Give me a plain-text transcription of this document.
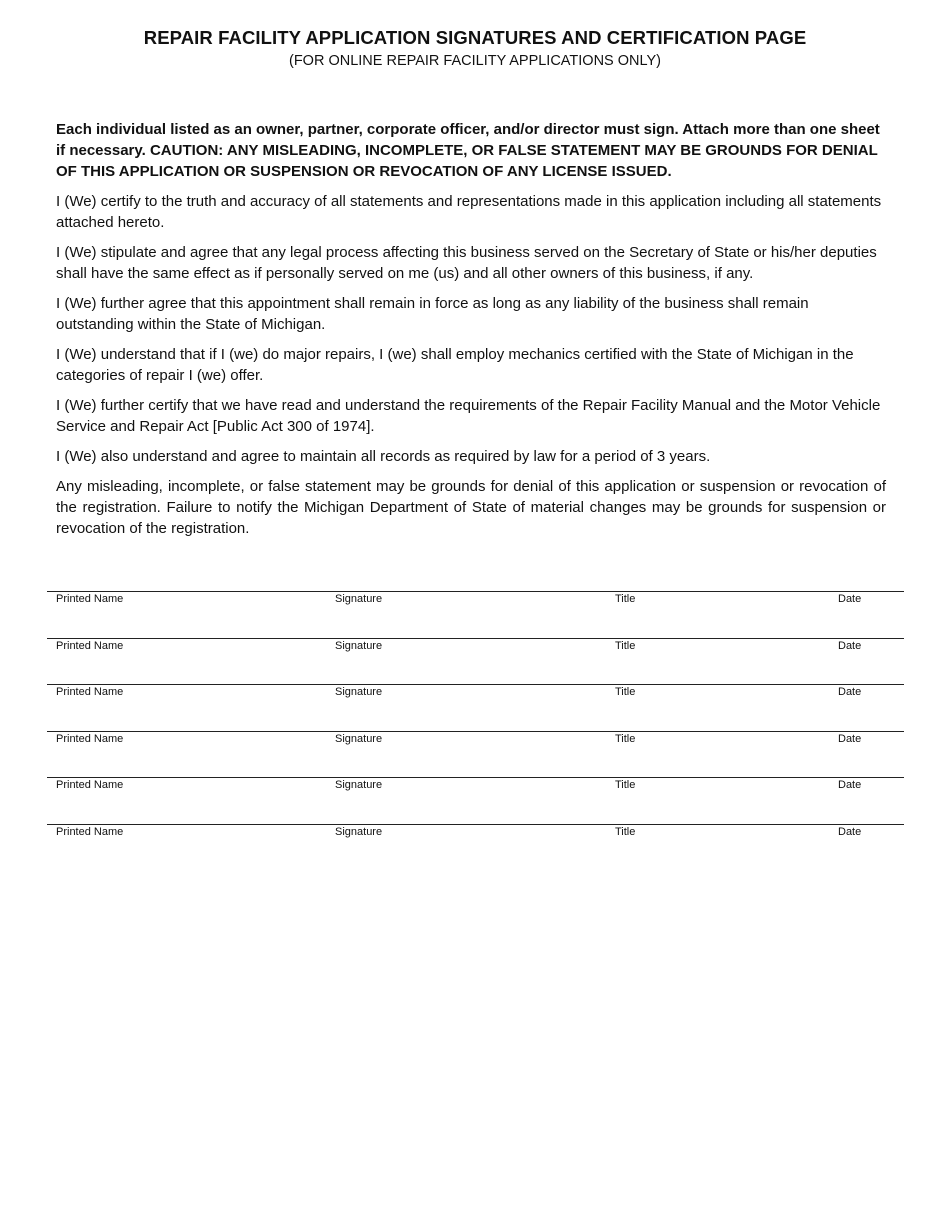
REPAIR FACILITY APPLICATION SIGNATURES AND CERTIFICATION PAGE
(FOR ONLINE REPAIR FACILITY APPLICATIONS ONLY)

Each individual listed as an owner, partner, corporate officer, and/or director must sign. Attach more than one sheet if necessary. CAUTION: ANY MISLEADING, INCOMPLETE, OR FALSE STATEMENT MAY BE GROUNDS FOR DENIAL OF THIS APPLICATION OR SUSPENSION OR REVOCATION OF ANY LICENSE ISSUED.

I (We) certify to the truth and accuracy of all statements and representations made in this application including all statements attached hereto.

I (We) stipulate and agree that any legal process affecting this business served on the Secretary of State or his/her deputies shall have the same effect as if personally served on me (us) and all other owners of this business, if any.

I (We) further agree that this appointment shall remain in force as long as any liability of the business shall remain outstanding within the State of Michigan.

I (We) understand that if I (we) do major repairs, I (we) shall employ mechanics certified with the State of Michigan in the categories of repair I (we) offer.

I (We) further certify that we have read and understand the requirements of the Repair Facility Manual and the Motor Vehicle Service and Repair Act [Public Act 300 of 1974].

I (We) also understand and agree to maintain all records as required by law for a period of 3 years.

Any misleading, incomplete, or false statement may be grounds for denial of this application or suspension or revocation of the registration. Failure to notify the Michigan Department of State of material changes may be grounds for suspension or revocation of the registration.

Printed Name	Signature	Title	Date
Printed Name	Signature	Title	Date
Printed Name	Signature	Title	Date
Printed Name	Signature	Title	Date
Printed Name	Signature	Title	Date
Printed Name	Signature	Title	Date
